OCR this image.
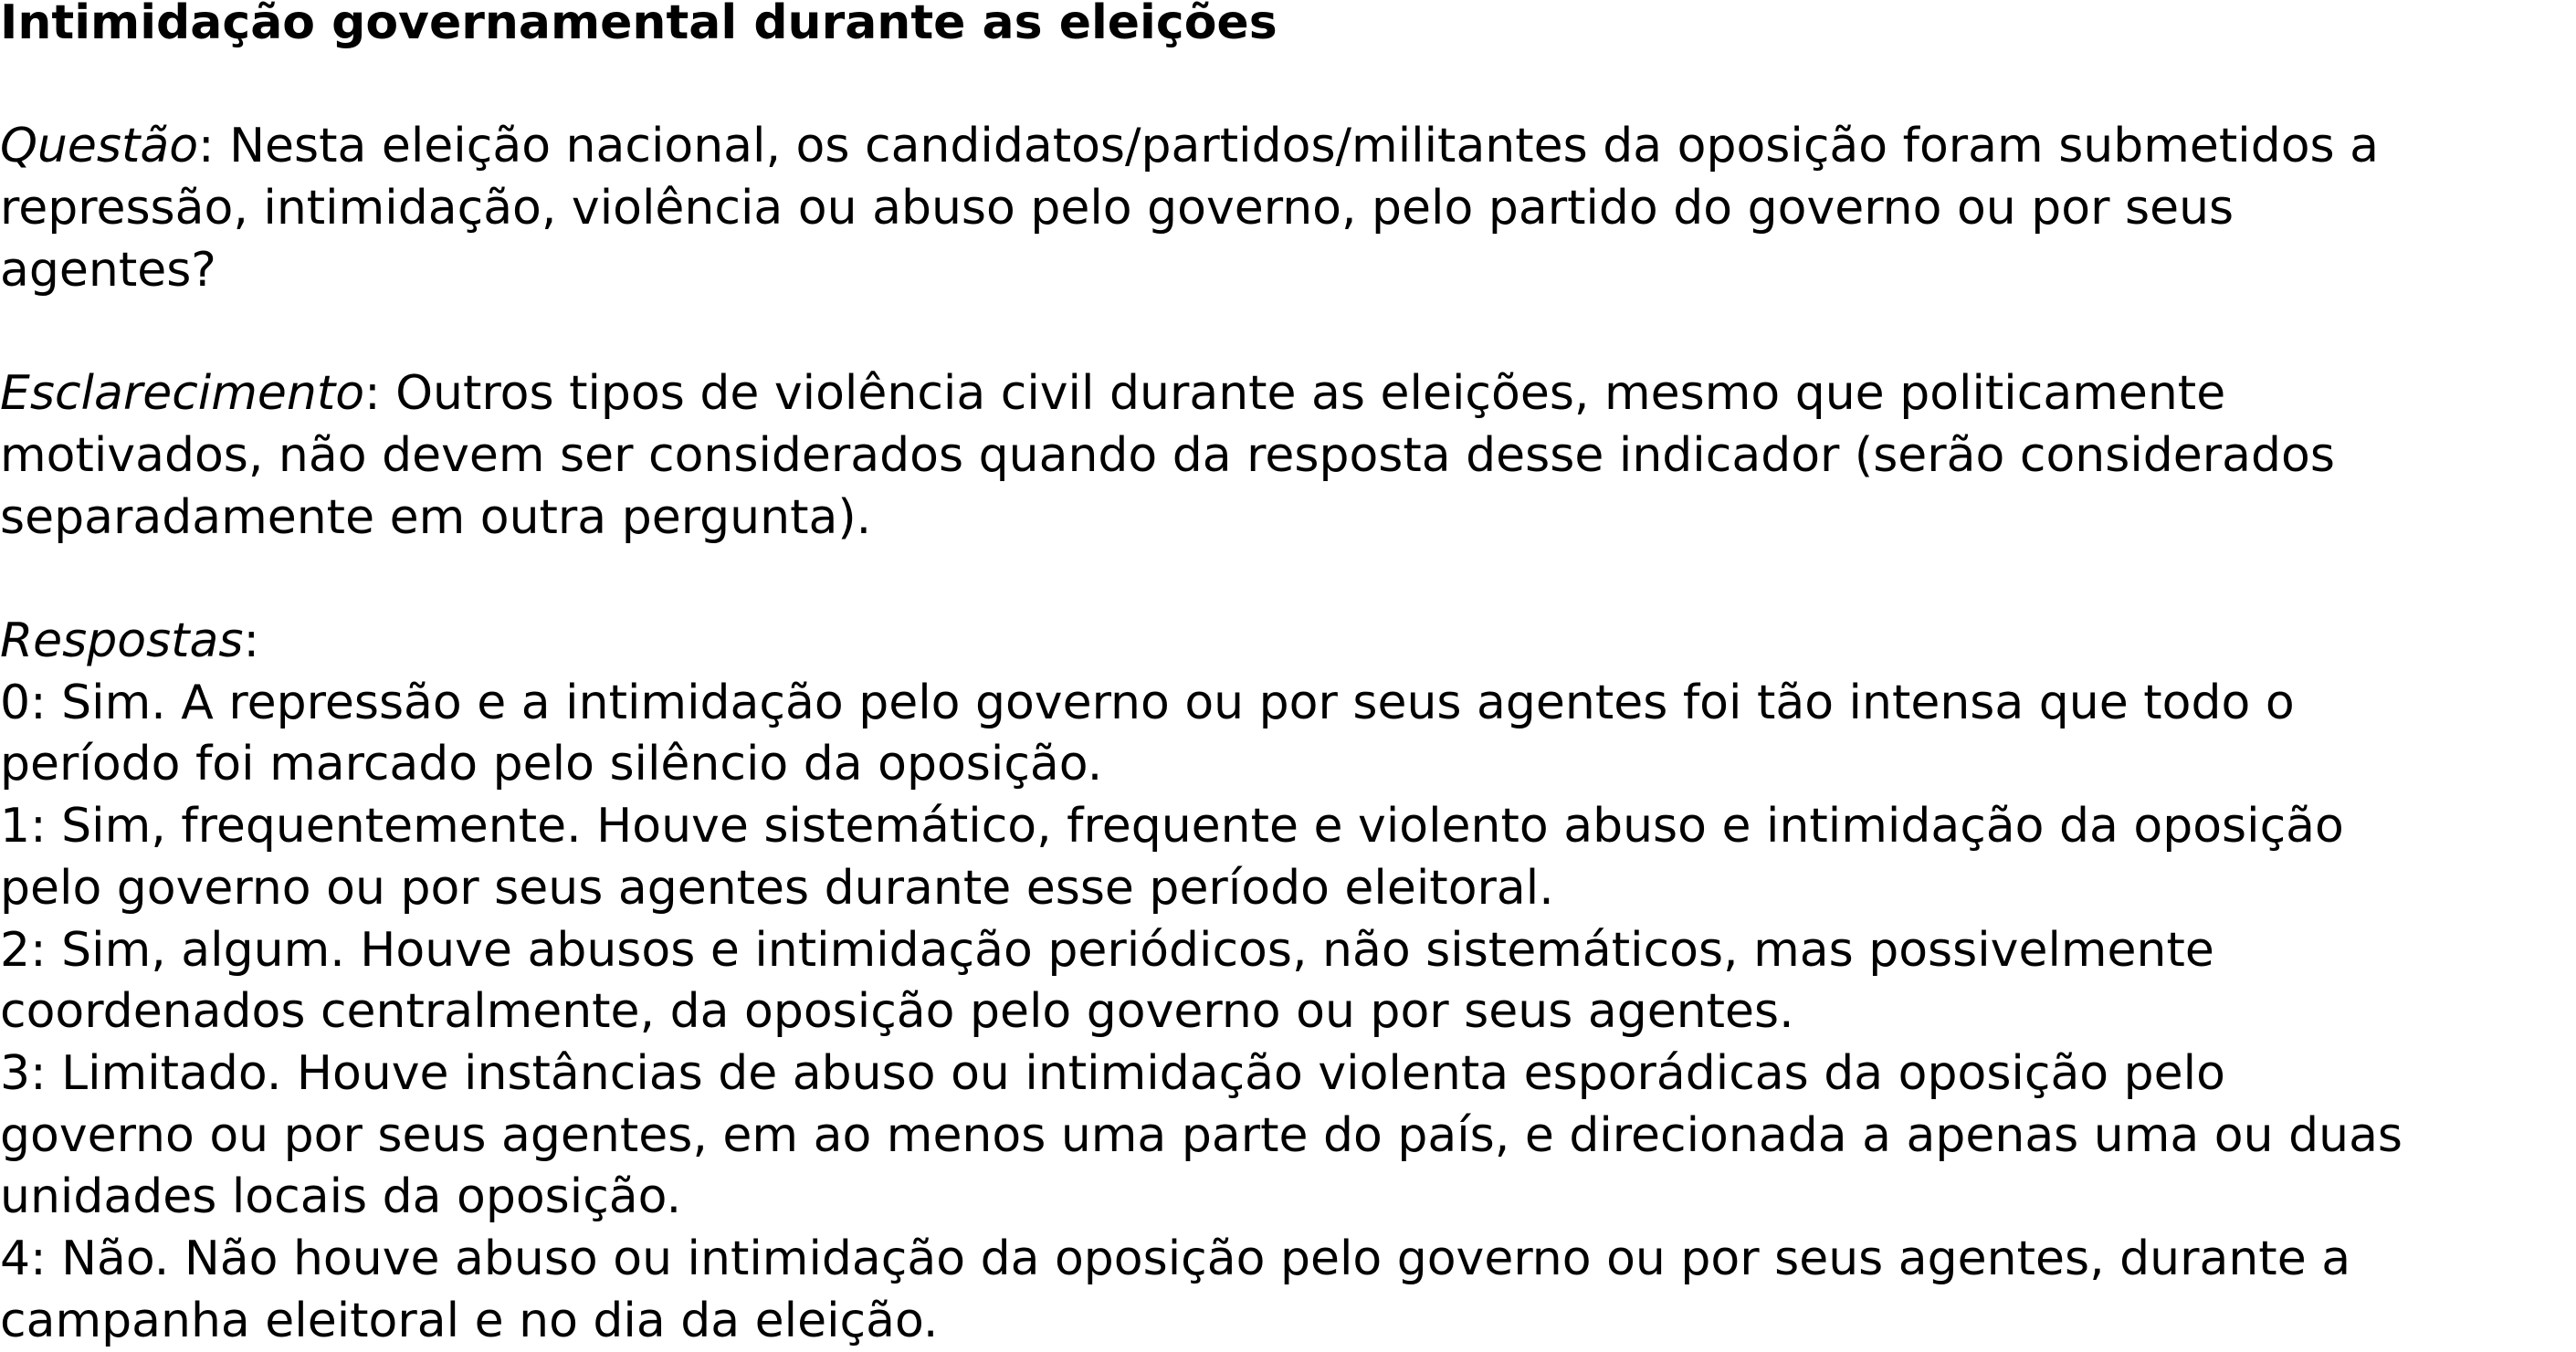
Intimidação governamental durante as eleições

Questão: Nesta eleição nacional, os candidatos/partidos/militantes da oposição foram submetidos a

repressão, intimidação, violência ou abuso pelo governo, pelo partido do governo ou por seus

agentes?

Esclarecimento: Outros tipos de violência civil durante as eleições, mesmo que politicamente

motivados, não devem ser considerados quando da resposta desse indicador (serão considerados

separadamente em outra pergunta).

Respostas:

0: Sim. A repressão e a intimidação pelo governo ou por seus agentes foi tão intensa que todo o

período foi marcado pelo silêncio da oposição.

1: Sim, frequentemente. Houve sistemático, frequente e violento abuso e intimidação da oposição

pelo governo ou por seus agentes durante esse período eleitoral.

2: Sim, algum. Houve abusos e intimidação periódicos, não sistemáticos, mas possivelmente

coordenados centralmente, da oposição pelo governo ou por seus agentes.

3: Limitado. Houve instâncias de abuso ou intimidação violenta esporádicas da oposição pelo

governo ou por seus agentes, em ao menos uma parte do país, e direcionada a apenas uma ou duas

unidades locais da oposição.

4: Não. Não houve abuso ou intimidação da oposição pelo governo ou por seus agentes, durante a

campanha eleitoral e no dia da eleição.
